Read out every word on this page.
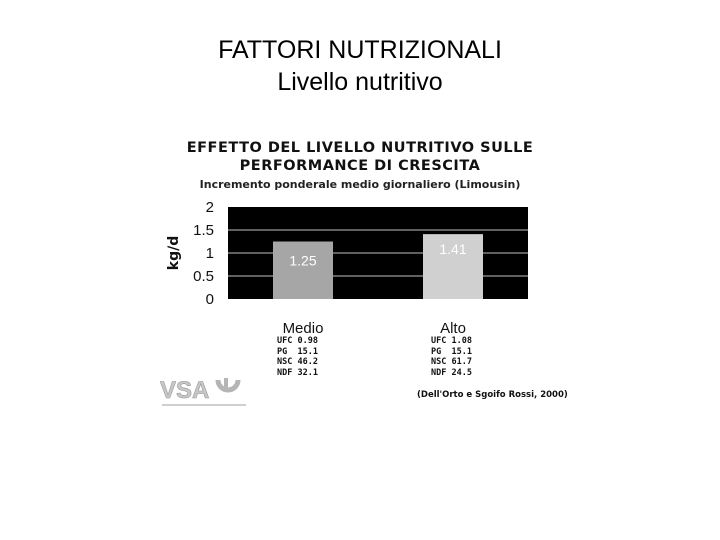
FATTORI NUTRIZIONALI
Livello nutritivo
EFFETTO DEL LIVELLO NUTRITIVO SULLE
PERFORMANCE DI CRESCITA
Incremento ponderale medio giornaliero (Limousin)
0
0.5
1
1.5
2
kg/d	1.25
Medio
1.41
Alto
UFC 0.98
PG  15.1
NSC 46.2
NDF 32.1
UFC 1.08
PG  15.1
NSC 61.7
NDF 24.5
VSA	(Dell'Orto e Sgoifo Rossi, 2000)
